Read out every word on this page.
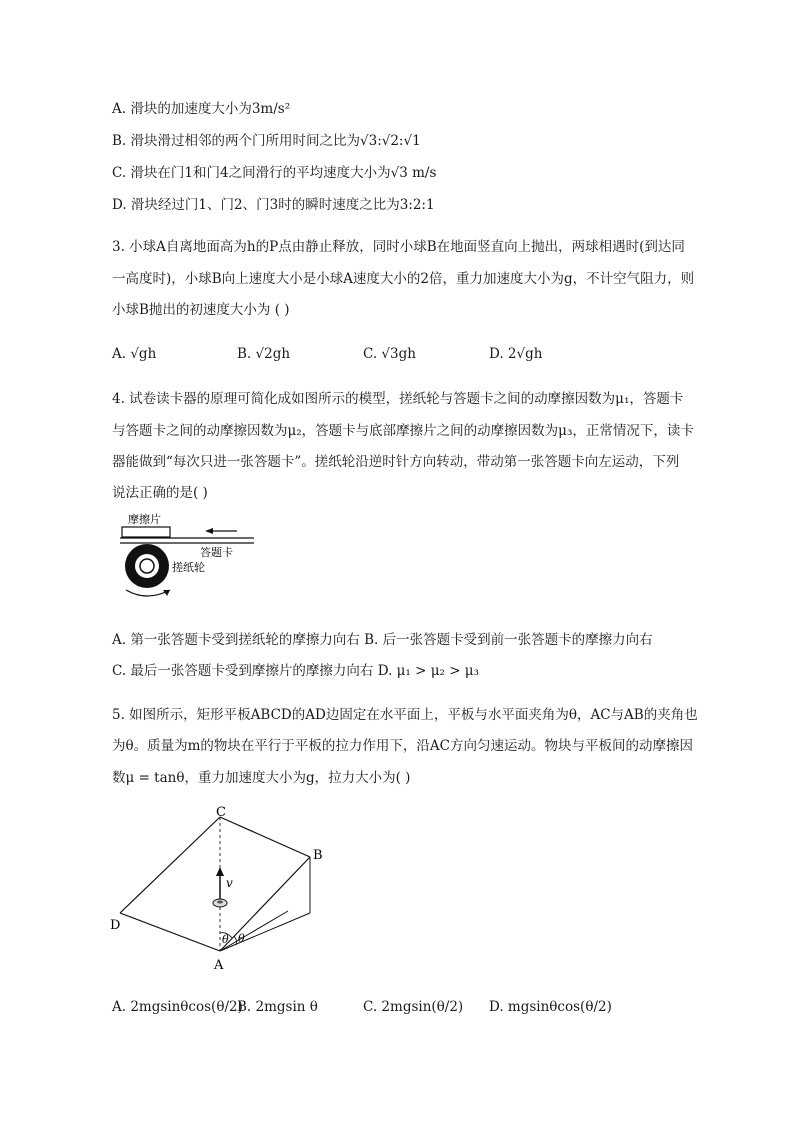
A. 滑块的加速度大小为3m/s²
B. 滑块滑过相邻的两个门所用时间之比为√3:√2:√1
C. 滑块在门1和门4之间滑行的平均速度大小为√3 m/s
D. 滑块经过门1、门2、门3时的瞬时速度之比为3:2:1
3. 小球A自离地面高为h的P点由静止释放，同时小球B在地面竖直向上抛出，两球相遇时(到达同
一高度时)，小球B向上速度大小是小球A速度大小的2倍，重力加速度大小为g，不计空气阻力，则
小球B抛出的初速度大小为 ( )
A. √gh	B. √2gh	C. √3gh	D. 2√gh
4. 试卷读卡器的原理可简化成如图所示的模型，搓纸轮与答题卡之间的动摩擦因数为μ₁，答题卡
与答题卡之间的动摩擦因数为μ₂，答题卡与底部摩擦片之间的动摩擦因数为μ₃，正常情况下，读卡
器能做到“每次只进一张答题卡”。搓纸轮沿逆时针方向转动，带动第一张答题卡向左运动，下列
说法正确的是( )
摩擦片
答题卡
搓纸轮
A. 第一张答题卡受到搓纸轮的摩擦力向右 B. 后一张答题卡受到前一张答题卡的摩擦力向右
C. 最后一张答题卡受到摩擦片的摩擦力向右 D. μ₁ > μ₂ > μ₃
5. 如图所示，矩形平板ABCD的AD边固定在水平面上，平板与水平面夹角为θ，AC与AB的夹角也
为θ。质量为m的物块在平行于平板的拉力作用下，沿AC方向匀速运动。物块与平板间的动摩擦因
数μ = tanθ，重力加速度大小为g，拉力大小为( )
C
B
D
A
v
θ θ
A. 2mgsinθcos(θ/2)
B. 2mgsin θ	C. 2mgsin(θ/2) D. mgsinθcos(θ/2)
